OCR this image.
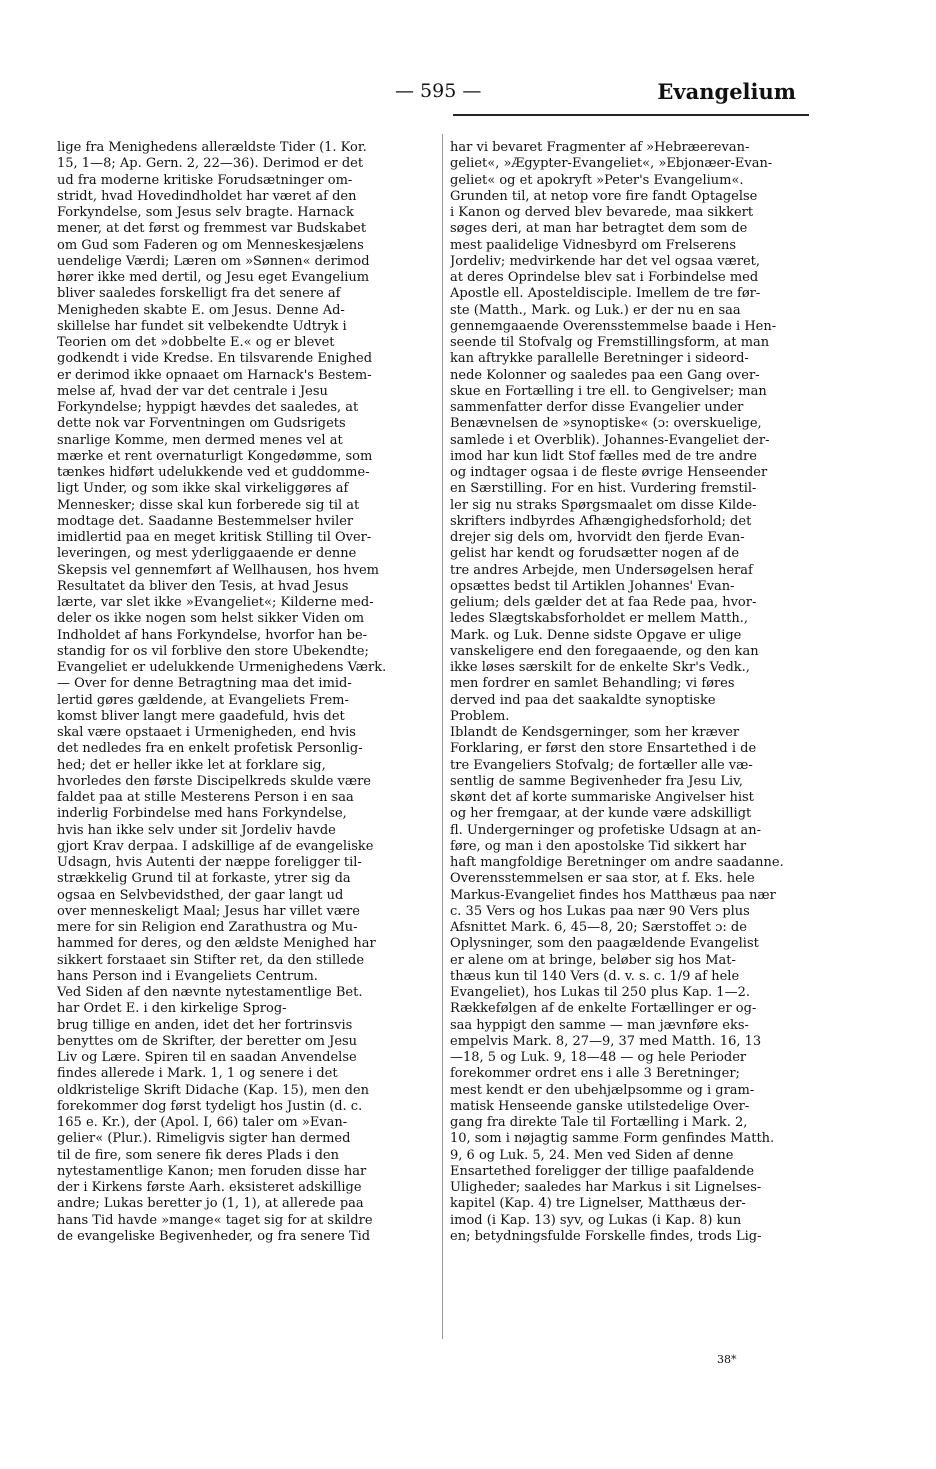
— 595 —	Evangelium
lige fra Menighedens allerældste Tider (1. Kor.
15, 1—8; Ap. Gern. 2, 22—36). Derimod er det
ud fra moderne kritiske Forudsætninger om-
stridt, hvad Hovedindholdet har været af den
Forkyndelse, som Jesus selv bragte. Harnack
mener, at det først og fremmest var Budskabet
om Gud som Faderen og om Menneskesjælens
uendelige Værdi; Læren om »Sønnen« derimod
hører ikke med dertil, og Jesu eget Evangelium
bliver saaledes forskelligt fra det senere af
Menigheden skabte E. om Jesus. Denne Ad-
skillelse har fundet sit velbekendte Udtryk i
Teorien om det »dobbelte E.« og er blevet
godkendt i vide Kredse. En tilsvarende Enighed
er derimod ikke opnaaet om Harnack's Bestem-
melse af, hvad der var det centrale i Jesu
Forkyndelse; hyppigt hævdes det saaledes, at
dette nok var Forventningen om Gudsrigets
snarlige Komme, men dermed menes vel at
mærke et rent overnaturligt Kongedømme, som
tænkes hidført udelukkende ved et guddomme-
ligt Under, og som ikke skal virkeliggøres af
Mennesker; disse skal kun forberede sig til at
modtage det. Saadanne Bestemmelser hviler
imidlertid paa en meget kritisk Stilling til Over-
leveringen, og mest yderliggaaende er denne
Skepsis vel gennemført af Wellhausen, hos hvem
Resultatet da bliver den Tesis, at hvad Jesus
lærte, var slet ikke »Evangeliet«; Kilderne med-
deler os ikke nogen som helst sikker Viden om
Indholdet af hans Forkyndelse, hvorfor han be-
standig for os vil forblive den store Ubekendte;
Evangeliet er udelukkende Urmenighedens Værk.
— Over for denne Betragtning maa det imid-
lertid gøres gældende, at Evangeliets Frem-
komst bliver langt mere gaadefuld, hvis det
skal være opstaaet i Urmenigheden, end hvis
det nedledes fra en enkelt profetisk Personlig-
hed; det er heller ikke let at forklare sig,
hvorledes den første Discipelkreds skulde være
faldet paa at stille Mesterens Person i en saa
inderlig Forbindelse med hans Forkyndelse,
hvis han ikke selv under sit Jordeliv havde
gjort Krav derpaa. I adskillige af de evangeliske
Udsagn, hvis Autenti der næppe foreligger til-
strækkelig Grund til at forkaste, ytrer sig da
ogsaa en Selvbevidsthed, der gaar langt ud
over menneskeligt Maal; Jesus har villet være
mere for sin Religion end Zarathustra og Mu-
hammed for deres, og den ældste Menighed har
sikkert forstaaet sin Stifter ret, da den stillede
hans Person ind i Evangeliets Centrum.
Ved Siden af den nævnte nytestamentlige Bet.
har Ordet E. i den kirkelige Sprog-
brug tillige en anden, idet det her fortrinsvis
benyttes om de Skrifter, der beretter om Jesu
Liv og Lære. Spiren til en saadan Anvendelse
findes allerede i Mark. 1, 1 og senere i det
oldkristelige Skrift Didache (Kap. 15), men den
forekommer dog først tydeligt hos Justin (d. c.
165 e. Kr.), der (Apol. I, 66) taler om »Evan-
gelier« (Plur.). Rimeligvis sigter han dermed
til de fire, som senere fik deres Plads i den
nytestamentlige Kanon; men foruden disse har
der i Kirkens første Aarh. eksisteret adskillige
andre; Lukas beretter jo (1, 1), at allerede paa
hans Tid havde »mange« taget sig for at skildre
de evangeliske Begivenheder, og fra senere Tid
har vi bevaret Fragmenter af »Hebræerevan-
geliet«, »Ægypter-Evangeliet«, »Ebjonæer-Evan-
geliet« og et apokryft »Peter's Evangelium«.
Grunden til, at netop vore fire fandt Optagelse
i Kanon og derved blev bevarede, maa sikkert
søges deri, at man har betragtet dem som de
mest paalidelige Vidnesbyrd om Frelserens
Jordeliv; medvirkende har det vel ogsaa været,
at deres Oprindelse blev sat i Forbindelse med
Apostle ell. Aposteldisciple. Imellem de tre før-
ste (Matth., Mark. og Luk.) er der nu en saa
gennemgaaende Overensstemmelse baade i Hen-
seende til Stofvalg og Fremstillingsform, at man
kan aftrykke parallelle Beretninger i sideord-
nede Kolonner og saaledes paa een Gang over-
skue en Fortælling i tre ell. to Gengivelser; man
sammenfatter derfor disse Evangelier under
Benævnelsen de »synoptiske« (ɔ: overskuelige,
samlede i et Overblik). Johannes-Evangeliet der-
imod har kun lidt Stof fælles med de tre andre
og indtager ogsaa i de fleste øvrige Henseender
en Særstilling. For en hist. Vurdering fremstil-
ler sig nu straks Spørgsmaalet om disse Kilde-
skrifters indbyrdes Afhængighedsforhold; det
drejer sig dels om, hvorvidt den fjerde Evan-
gelist har kendt og forudsætter nogen af de
tre andres Arbejde, men Undersøgelsen heraf
opsættes bedst til Artiklen Johannes' Evan-
gelium; dels gælder det at faa Rede paa, hvor-
ledes Slægtskabsforholdet er mellem Matth.,
Mark. og Luk. Denne sidste Opgave er ulige
vanskeligere end den foregaaende, og den kan
ikke løses særskilt for de enkelte Skr's Vedk.,
men fordrer en samlet Behandling; vi føres
derved ind paa det saakaldte synoptiske
Problem.
Iblandt de Kendsgerninger, som her kræver
Forklaring, er først den store Ensartethed i de
tre Evangeliers Stofvalg; de fortæller alle væ-
sentlig de samme Begivenheder fra Jesu Liv,
skønt det af korte summariske Angivelser hist
og her fremgaar, at der kunde være adskilligt
fl. Undergerninger og profetiske Udsagn at an-
føre, og man i den apostolske Tid sikkert har
haft mangfoldige Beretninger om andre saadanne.
Overensstemmelsen er saa stor, at f. Eks. hele
Markus-Evangeliet findes hos Matthæus paa nær
c. 35 Vers og hos Lukas paa nær 90 Vers plus
Afsnittet Mark. 6, 45—8, 20; Særstoffet ɔ: de
Oplysninger, som den paagældende Evangelist
er alene om at bringe, beløber sig hos Mat-
thæus kun til 140 Vers (d. v. s. c. 1/9 af hele
Evangeliet), hos Lukas til 250 plus Kap. 1—2.
Rækkefølgen af de enkelte Fortællinger er og-
saa hyppigt den samme — man jævnføre eks-
empelvis Mark. 8, 27—9, 37 med Matth. 16, 13
—18, 5 og Luk. 9, 18—48 — og hele Perioder
forekommer ordret ens i alle 3 Beretninger;
mest kendt er den ubehjælpsomme og i gram-
matisk Henseende ganske utilstedelige Over-
gang fra direkte Tale til Fortælling i Mark. 2,
10, som i nøjagtig samme Form genfindes Matth.
9, 6 og Luk. 5, 24. Men ved Siden af denne
Ensartethed foreligger der tillige paafaldende
Uligheder; saaledes har Markus i sit Lignelses-
kapitel (Kap. 4) tre Lignelser, Matthæus der-
imod (i Kap. 13) syv, og Lukas (i Kap. 8) kun
en; betydningsfulde Forskelle findes, trods Lig-
38*
